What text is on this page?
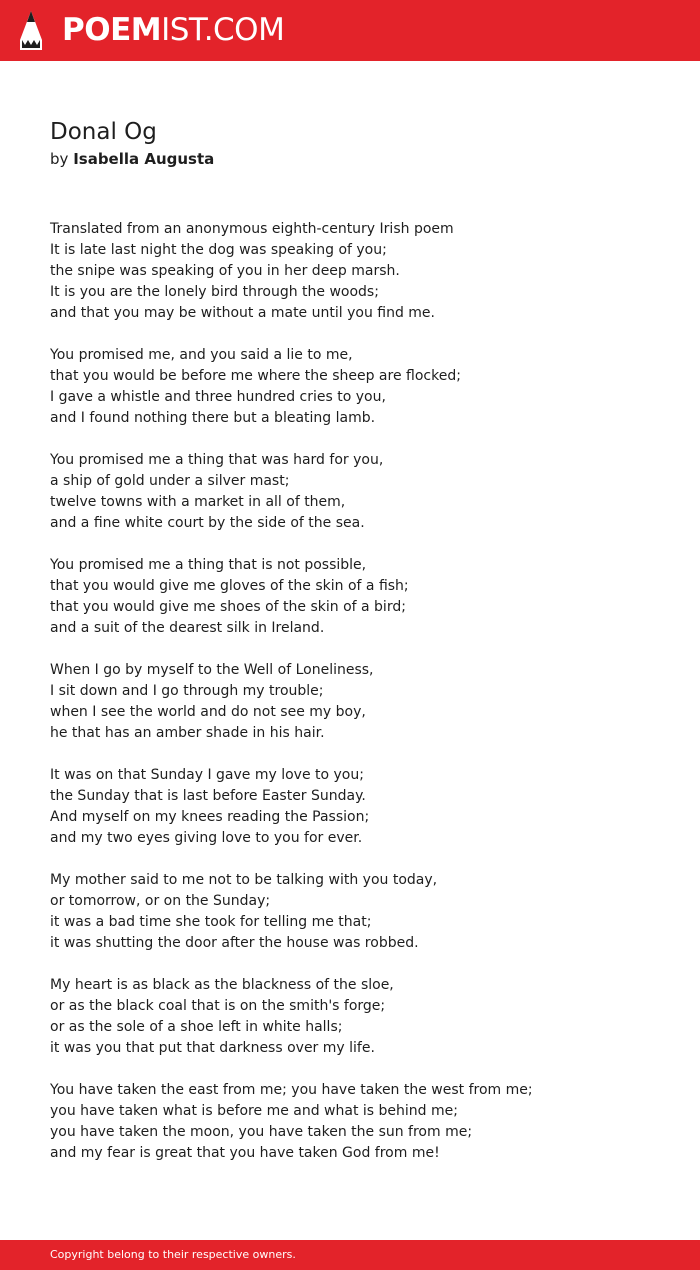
POEMIST.COM
Donal Og
by Isabella Augusta
Translated from an anonymous eighth-century Irish poem
It is late last night the dog was speaking of you;
the snipe was speaking of you in her deep marsh.
It is you are the lonely bird through the woods;
and that you may be without a mate until you find me.
You promised me, and you said a lie to me,
that you would be before me where the sheep are flocked;
I gave a whistle and three hundred cries to you,
and I found nothing there but a bleating lamb.
You promised me a thing that was hard for you,
a ship of gold under a silver mast;
twelve towns with a market in all of them,
and a fine white court by the side of the sea.
You promised me a thing that is not possible,
that you would give me gloves of the skin of a fish;
that you would give me shoes of the skin of a bird;
and a suit of the dearest silk in Ireland.
When I go by myself to the Well of Loneliness,
I sit down and I go through my trouble;
when I see the world and do not see my boy,
he that has an amber shade in his hair.
It was on that Sunday I gave my love to you;
the Sunday that is last before Easter Sunday.
And myself on my knees reading the Passion;
and my two eyes giving love to you for ever.
My mother said to me not to be talking with you today,
or tomorrow, or on the Sunday;
it was a bad time she took for telling me that;
it was shutting the door after the house was robbed.
My heart is as black as the blackness of the sloe,
or as the black coal that is on the smith's forge;
or as the sole of a shoe left in white halls;
it was you that put that darkness over my life.
You have taken the east from me; you have taken the west from me;
you have taken what is before me and what is behind me;
you have taken the moon, you have taken the sun from me;
and my fear is great that you have taken God from me!
Copyright belong to their respective owners.
